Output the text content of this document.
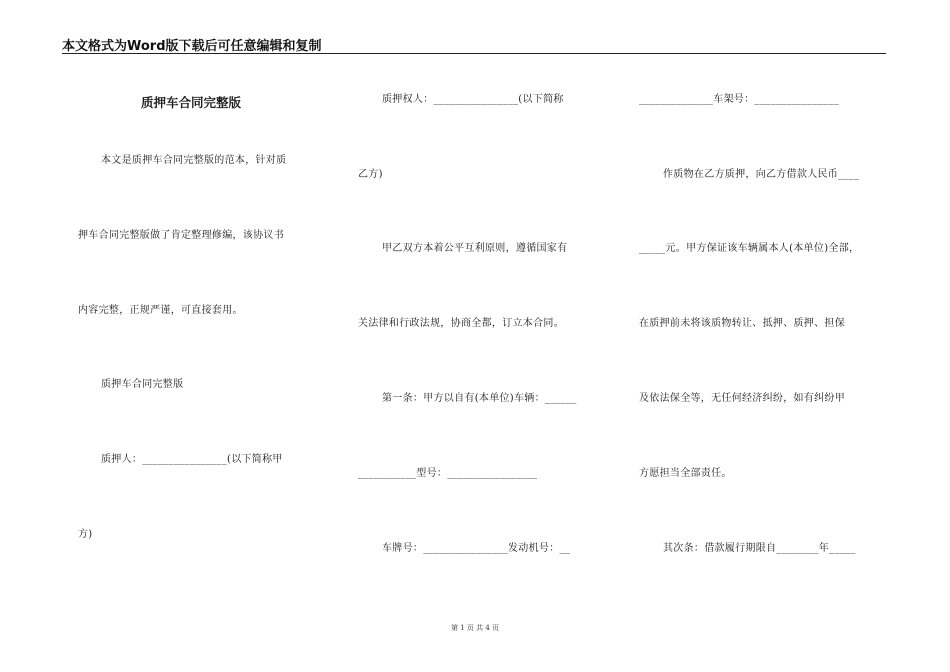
本文格式为Word版下载后可任意编辑和复制
质押车合同完整版
本文是质押车合同完整版的范本，针对质
押车合同完整版做了肯定整理修编，该协议书
内容完整，正规严谨，可直接套用。
质押车合同完整版
质押人：________________(以下简称甲
方)
质押权人：________________(以下简称
乙方)
甲乙双方本着公平互利原则，遵循国家有
关法律和行政法规，协商全都，订立本合同。
第一条：甲方以自有(本单位)车辆：______
___________型号：_________________
车牌号：________________发动机号：__
______________车架号：________________
作质物在乙方质押，向乙方借款人民币____
_____元。甲方保证该车辆属本人(本单位)全部，
在质押前未将该质物转让、抵押、质押、担保
及依法保全等，无任何经济纠纷，如有纠纷甲
方愿担当全部责任。
其次条：借款履行期限自________年_____
第 1 页 共 4 页
